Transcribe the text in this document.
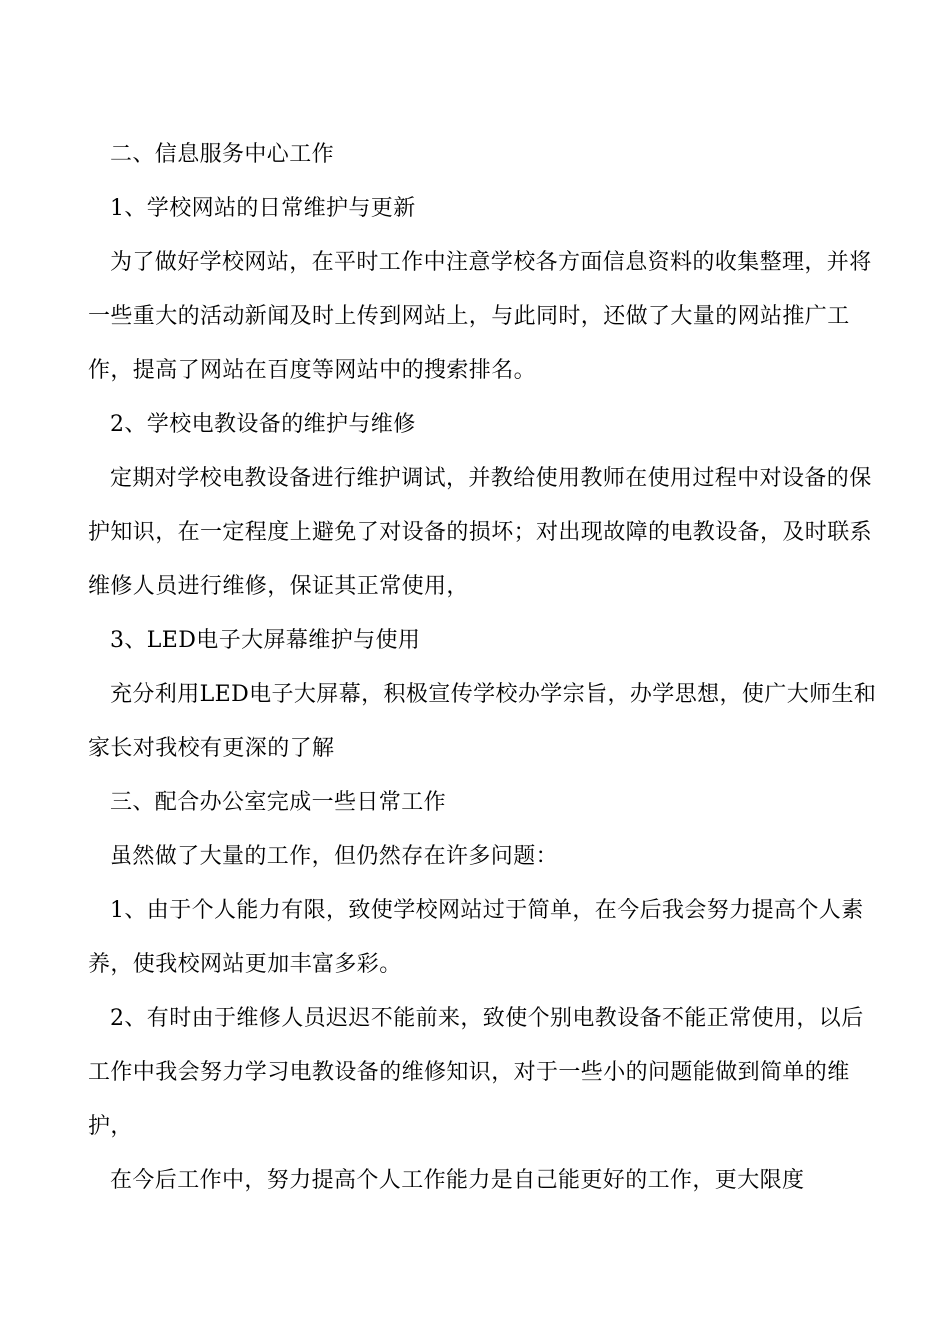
二、信息服务中心工作

1、学校网站的日常维护与更新

为了做好学校网站，在平时工作中注意学校各方面信息资料的收集整理，并将一些重大的活动新闻及时上传到网站上，与此同时，还做了大量的网站推广工作，提高了网站在百度等网站中的搜索排名。

2、学校电教设备的维护与维修

定期对学校电教设备进行维护调试，并教给使用教师在使用过程中对设备的保护知识，在一定程度上避免了对设备的损坏；对出现故障的电教设备，及时联系维修人员进行维修，保证其正常使用，

3、LED电子大屏幕维护与使用

充分利用LED电子大屏幕，积极宣传学校办学宗旨，办学思想，使广大师生和家长对我校有更深的了解

三、配合办公室完成一些日常工作

虽然做了大量的工作，但仍然存在许多问题：

1、由于个人能力有限，致使学校网站过于简单，在今后我会努力提高个人素养，使我校网站更加丰富多彩。

2、有时由于维修人员迟迟不能前来，致使个别电教设备不能正常使用，以后工作中我会努力学习电教设备的维修知识，对于一些小的问题能做到简单的维护，

在今后工作中，努力提高个人工作能力是自己能更好的工作，更大限度
